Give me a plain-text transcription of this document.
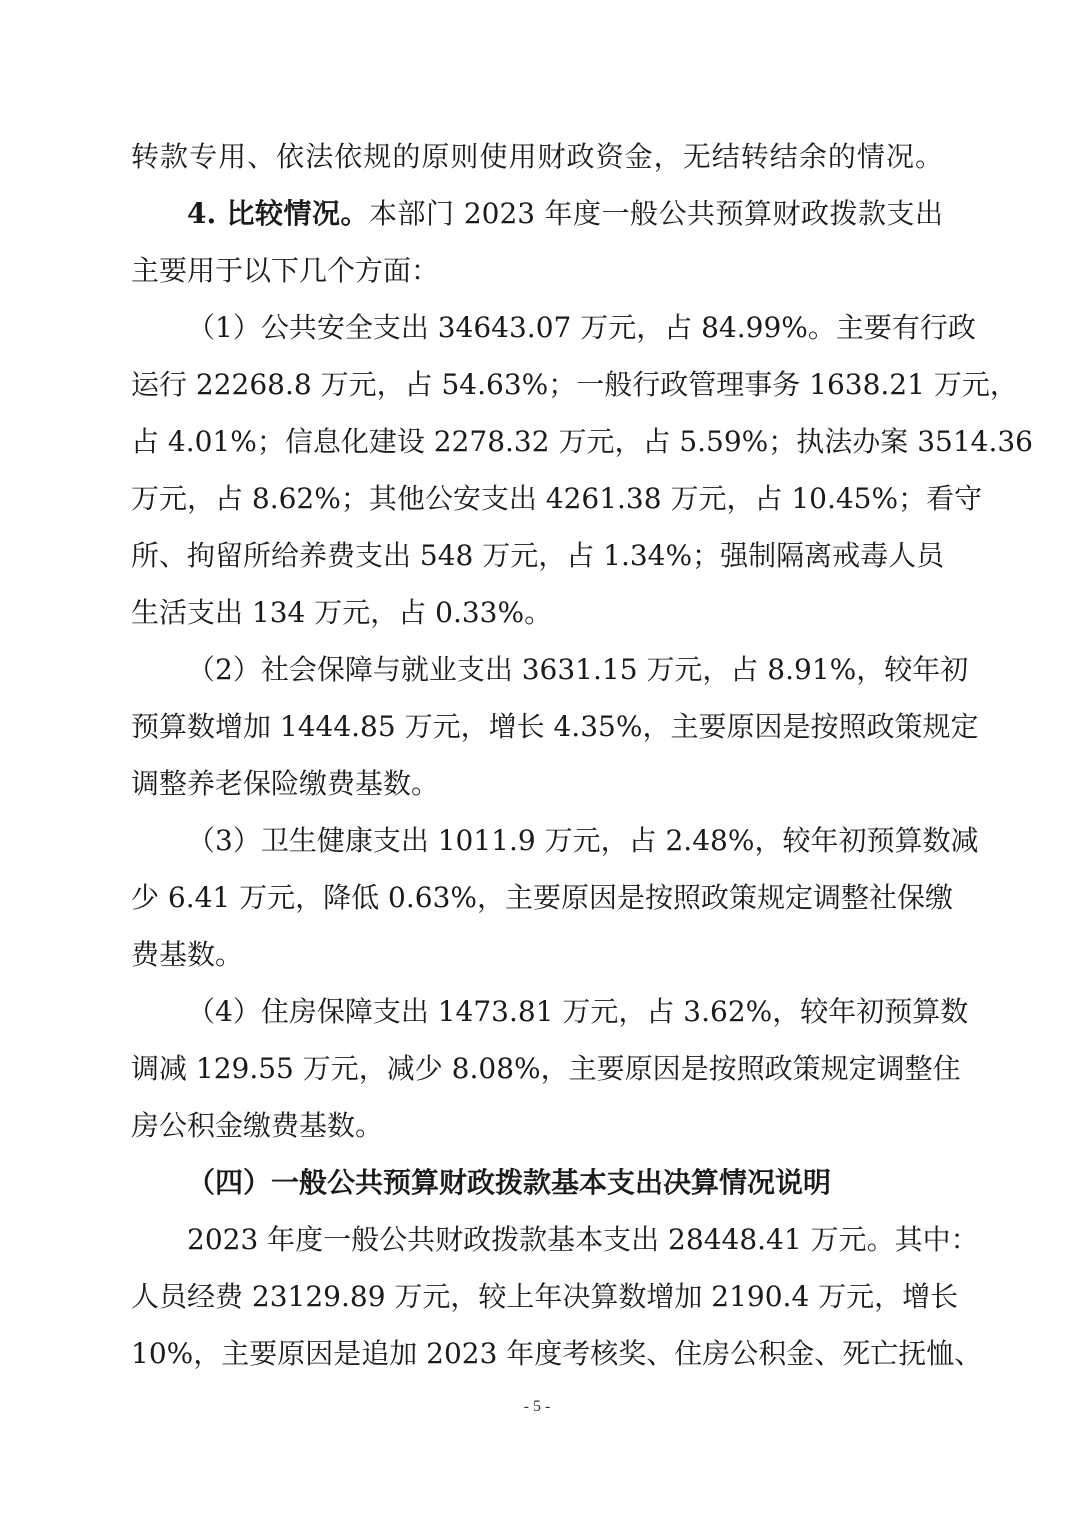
转款专用、依法依规的原则使用财政资金，无结转结余的情况。
4. 比较情况。本部门 2023 年度一般公共预算财政拨款支出
主要用于以下几个方面：
（1）公共安全支出 34643.07 万元，占 84.99%。主要有行政
运行 22268.8 万元，占 54.63%；一般行政管理事务 1638.21 万元，
占 4.01%；信息化建设 2278.32 万元，占 5.59%；执法办案 3514.36
万元，占 8.62%；其他公安支出 4261.38 万元，占 10.45%；看守
所、拘留所给养费支出 548 万元，占 1.34%；强制隔离戒毒人员
生活支出 134 万元，占 0.33%。
（2）社会保障与就业支出 3631.15 万元，占 8.91%，较年初
预算数增加 1444.85 万元，增长 4.35%，主要原因是按照政策规定
调整养老保险缴费基数。
（3）卫生健康支出 1011.9 万元，占 2.48%，较年初预算数减
少 6.41 万元，降低 0.63%，主要原因是按照政策规定调整社保缴
费基数。
（4）住房保障支出 1473.81 万元，占 3.62%，较年初预算数
调减 129.55 万元，减少 8.08%，主要原因是按照政策规定调整住
房公积金缴费基数。
（四）一般公共预算财政拨款基本支出决算情况说明
2023 年度一般公共财政拨款基本支出 28448.41 万元。其中：
人员经费 23129.89 万元，较上年决算数增加 2190.4 万元，增长
10%，主要原因是追加 2023 年度考核奖、住房公积金、死亡抚恤、
- 5 -
